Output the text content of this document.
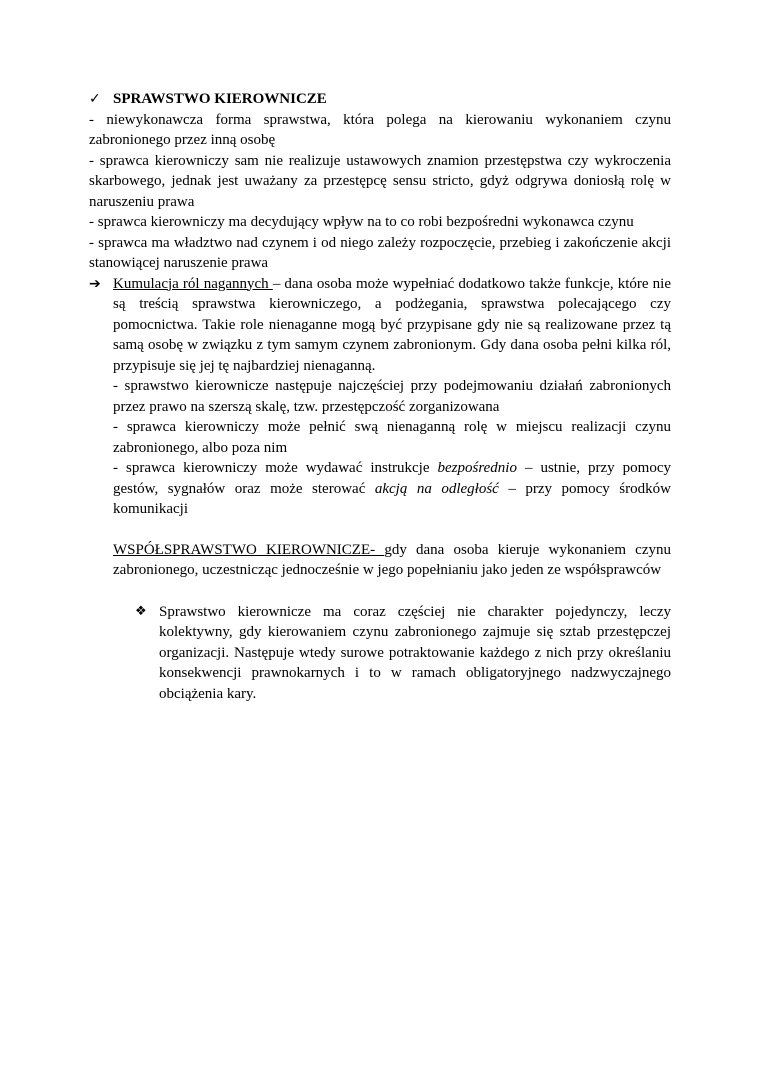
✓ SPRAWSTWO KIEROWNICZE

- niewykonawcza forma sprawstwa, która polega na kierowaniu wykonaniem czynu zabronionego przez inną osobę

- sprawca kierowniczy sam nie realizuje ustawowych znamion przestępstwa czy wykroczenia skarbowego, jednak jest uważany za przestępcę sensu stricto, gdyż odgrywa doniosłą rolę w naruszeniu prawa

- sprawca kierowniczy ma decydujący wpływ na to co robi bezpośredni wykonawca czynu

- sprawca ma władztwo nad czynem i od niego zależy rozpoczęcie, przebieg i zakończenie akcji stanowiącej naruszenie prawa

➔ Kumulacja ról nagannych – dana osoba może wypełniać dodatkowo także funkcje, które nie są treścią sprawstwa kierowniczego, a podżegania, sprawstwa polecającego czy pomocnictwa. Takie role nienaganne mogą być przypisane gdy nie są realizowane przez tą samą osobę w związku z tym samym czynem zabronionym. Gdy dana osoba pełni kilka ról, przypisuje się jej tę najbardziej nienaganną.

- sprawstwo kierownicze następuje najczęściej przy podejmowaniu działań zabronionych przez prawo na szerszą skalę, tzw. przestępczość zorganizowana

- sprawca kierowniczy może pełnić swą nienaganną rolę w miejscu realizacji czynu zabronionego, albo poza nim

- sprawca kierowniczy może wydawać instrukcje bezpośrednio – ustnie, przy pomocy gestów, sygnałów oraz może sterować akcją na odległość – przy pomocy środków komunikacji

WSPÓŁSPRAWSTWO KIEROWNICZE- gdy dana osoba kieruje wykonaniem czynu zabronionego, uczestnicząc jednocześnie w jego popełnianiu jako jeden ze współsprawców

❖ Sprawstwo kierownicze ma coraz częściej nie charakter pojedynczy, leczy kolektywny, gdy kierowaniem czynu zabronionego zajmuje się sztab przestępczej organizacji. Następuje wtedy surowe potraktowanie każdego z nich przy określaniu konsekwencji prawnokarnych i to w ramach obligatoryjnego nadzwyczajnego obciążenia kary.
